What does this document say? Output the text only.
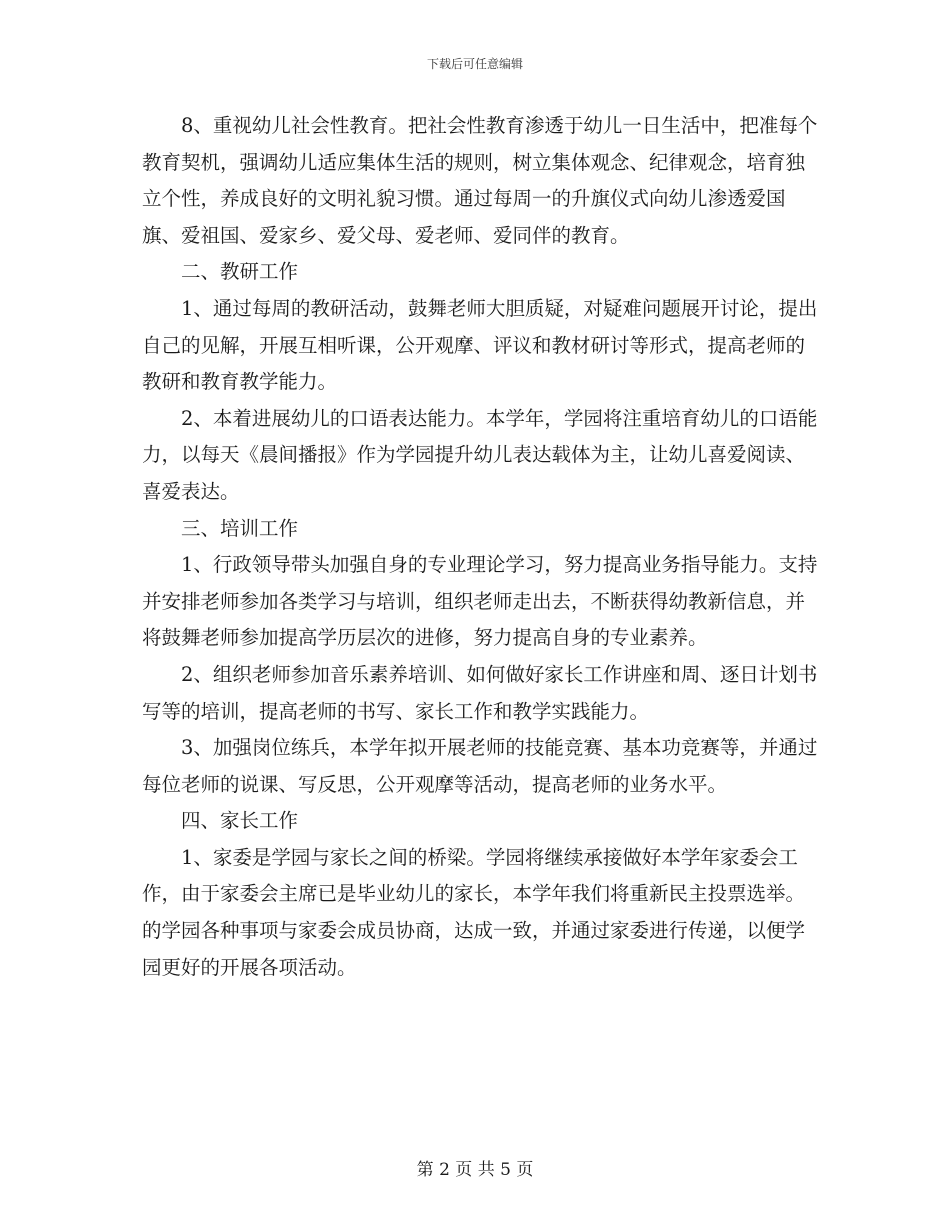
下载后可任意编辑

8、重视幼儿社会性教育。把社会性教育渗透于幼儿一日生活中，把准每个教育契机，强调幼儿适应集体生活的规则，树立集体观念、纪律观念，培育独立个性，养成良好的文明礼貌习惯。通过每周一的升旗仪式向幼儿渗透爱国旗、爱祖国、爱家乡、爱父母、爱老师、爱同伴的教育。

二、教研工作

1、通过每周的教研活动，鼓舞老师大胆质疑，对疑难问题展开讨论，提出自己的见解，开展互相听课，公开观摩、评议和教材研讨等形式，提高老师的教研和教育教学能力。

2、本着进展幼儿的口语表达能力。本学年，学园将注重培育幼儿的口语能力，以每天《晨间播报》作为学园提升幼儿表达载体为主，让幼儿喜爱阅读、喜爱表达。

三、培训工作

1、行政领导带头加强自身的专业理论学习，努力提高业务指导能力。支持并安排老师参加各类学习与培训，组织老师走出去，不断获得幼教新信息，并将鼓舞老师参加提高学历层次的进修，努力提高自身的专业素养。

2、组织老师参加音乐素养培训、如何做好家长工作讲座和周、逐日计划书写等的培训，提高老师的书写、家长工作和教学实践能力。

3、加强岗位练兵，本学年拟开展老师的技能竞赛、基本功竞赛等，并通过每位老师的说课、写反思，公开观摩等活动，提高老师的业务水平。

四、家长工作

1、家委是学园与家长之间的桥梁。学园将继续承接做好本学年家委会工作，由于家委会主席已是毕业幼儿的家长，本学年我们将重新民主投票选举。的学园各种事项与家委会成员协商，达成一致，并通过家委进行传递，以便学园更好的开展各项活动。

第 2 页 共 5 页
